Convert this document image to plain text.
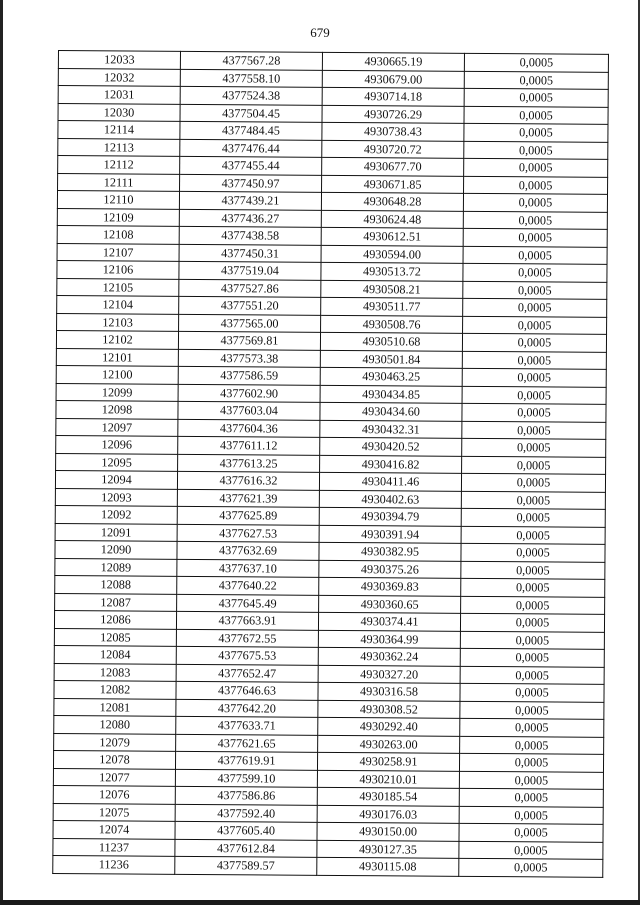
679
12033	4377567.28	4930665.19	0,0005
12032	4377558.10	4930679.00	0,0005
12031	4377524.38	4930714.18	0,0005
12030	4377504.45	4930726.29	0,0005
12114	4377484.45	4930738.43	0,0005
12113	4377476.44	4930720.72	0,0005
12112	4377455.44	4930677.70	0,0005
12111	4377450.97	4930671.85	0,0005
12110	4377439.21	4930648.28	0,0005
12109	4377436.27	4930624.48	0,0005
12108	4377438.58	4930612.51	0,0005
12107	4377450.31	4930594.00	0,0005
12106	4377519.04	4930513.72	0,0005
12105	4377527.86	4930508.21	0,0005
12104	4377551.20	4930511.77	0,0005
12103	4377565.00	4930508.76	0,0005
12102	4377569.81	4930510.68	0,0005
12101	4377573.38	4930501.84	0,0005
12100	4377586.59	4930463.25	0,0005
12099	4377602.90	4930434.85	0,0005
12098	4377603.04	4930434.60	0,0005
12097	4377604.36	4930432.31	0,0005
12096	4377611.12	4930420.52	0,0005
12095	4377613.25	4930416.82	0,0005
12094	4377616.32	4930411.46	0,0005
12093	4377621.39	4930402.63	0,0005
12092	4377625.89	4930394.79	0,0005
12091	4377627.53	4930391.94	0,0005
12090	4377632.69	4930382.95	0,0005
12089	4377637.10	4930375.26	0,0005
12088	4377640.22	4930369.83	0,0005
12087	4377645.49	4930360.65	0,0005
12086	4377663.91	4930374.41	0,0005
12085	4377672.55	4930364.99	0,0005
12084	4377675.53	4930362.24	0,0005
12083	4377652.47	4930327.20	0,0005
12082	4377646.63	4930316.58	0,0005
12081	4377642.20	4930308.52	0,0005
12080	4377633.71	4930292.40	0,0005
12079	4377621.65	4930263.00	0,0005
12078	4377619.91	4930258.91	0,0005
12077	4377599.10	4930210.01	0,0005
12076	4377586.86	4930185.54	0,0005
12075	4377592.40	4930176.03	0,0005
12074	4377605.40	4930150.00	0,0005
11237	4377612.84	4930127.35	0,0005
11236	4377589.57	4930115.08	0,0005
